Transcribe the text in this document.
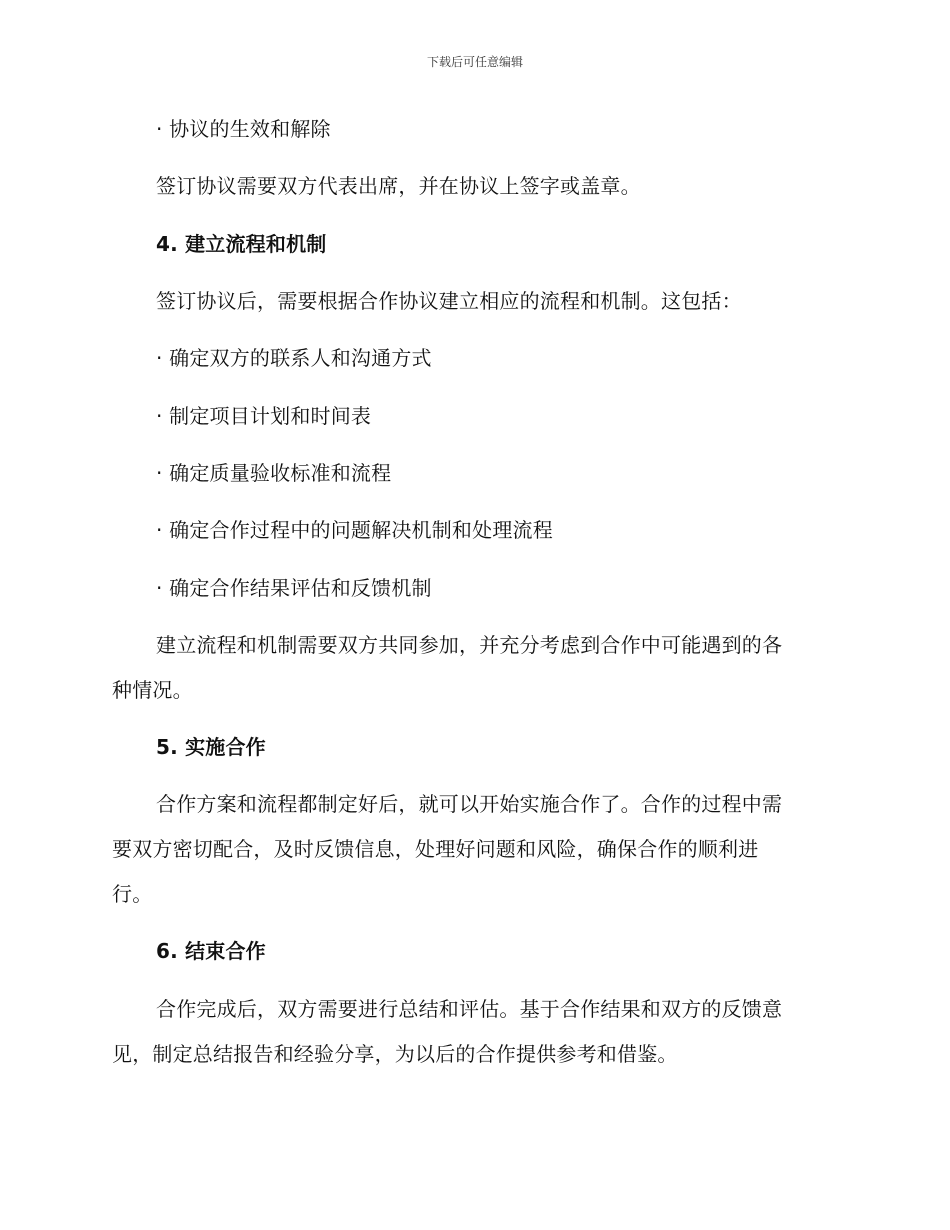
下载后可任意编辑
· 协议的生效和解除
签订协议需要双方代表出席，并在协议上签字或盖章。
4. 建立流程和机制
签订协议后，需要根据合作协议建立相应的流程和机制。这包括：
· 确定双方的联系人和沟通方式
· 制定项目计划和时间表
· 确定质量验收标准和流程
· 确定合作过程中的问题解决机制和处理流程
· 确定合作结果评估和反馈机制
建立流程和机制需要双方共同参加，并充分考虑到合作中可能遇到的各
种情况。
5. 实施合作
合作方案和流程都制定好后，就可以开始实施合作了。合作的过程中需
要双方密切配合，及时反馈信息，处理好问题和风险，确保合作的顺利进
行。
6. 结束合作
合作完成后，双方需要进行总结和评估。基于合作结果和双方的反馈意
见，制定总结报告和经验分享，为以后的合作提供参考和借鉴。
